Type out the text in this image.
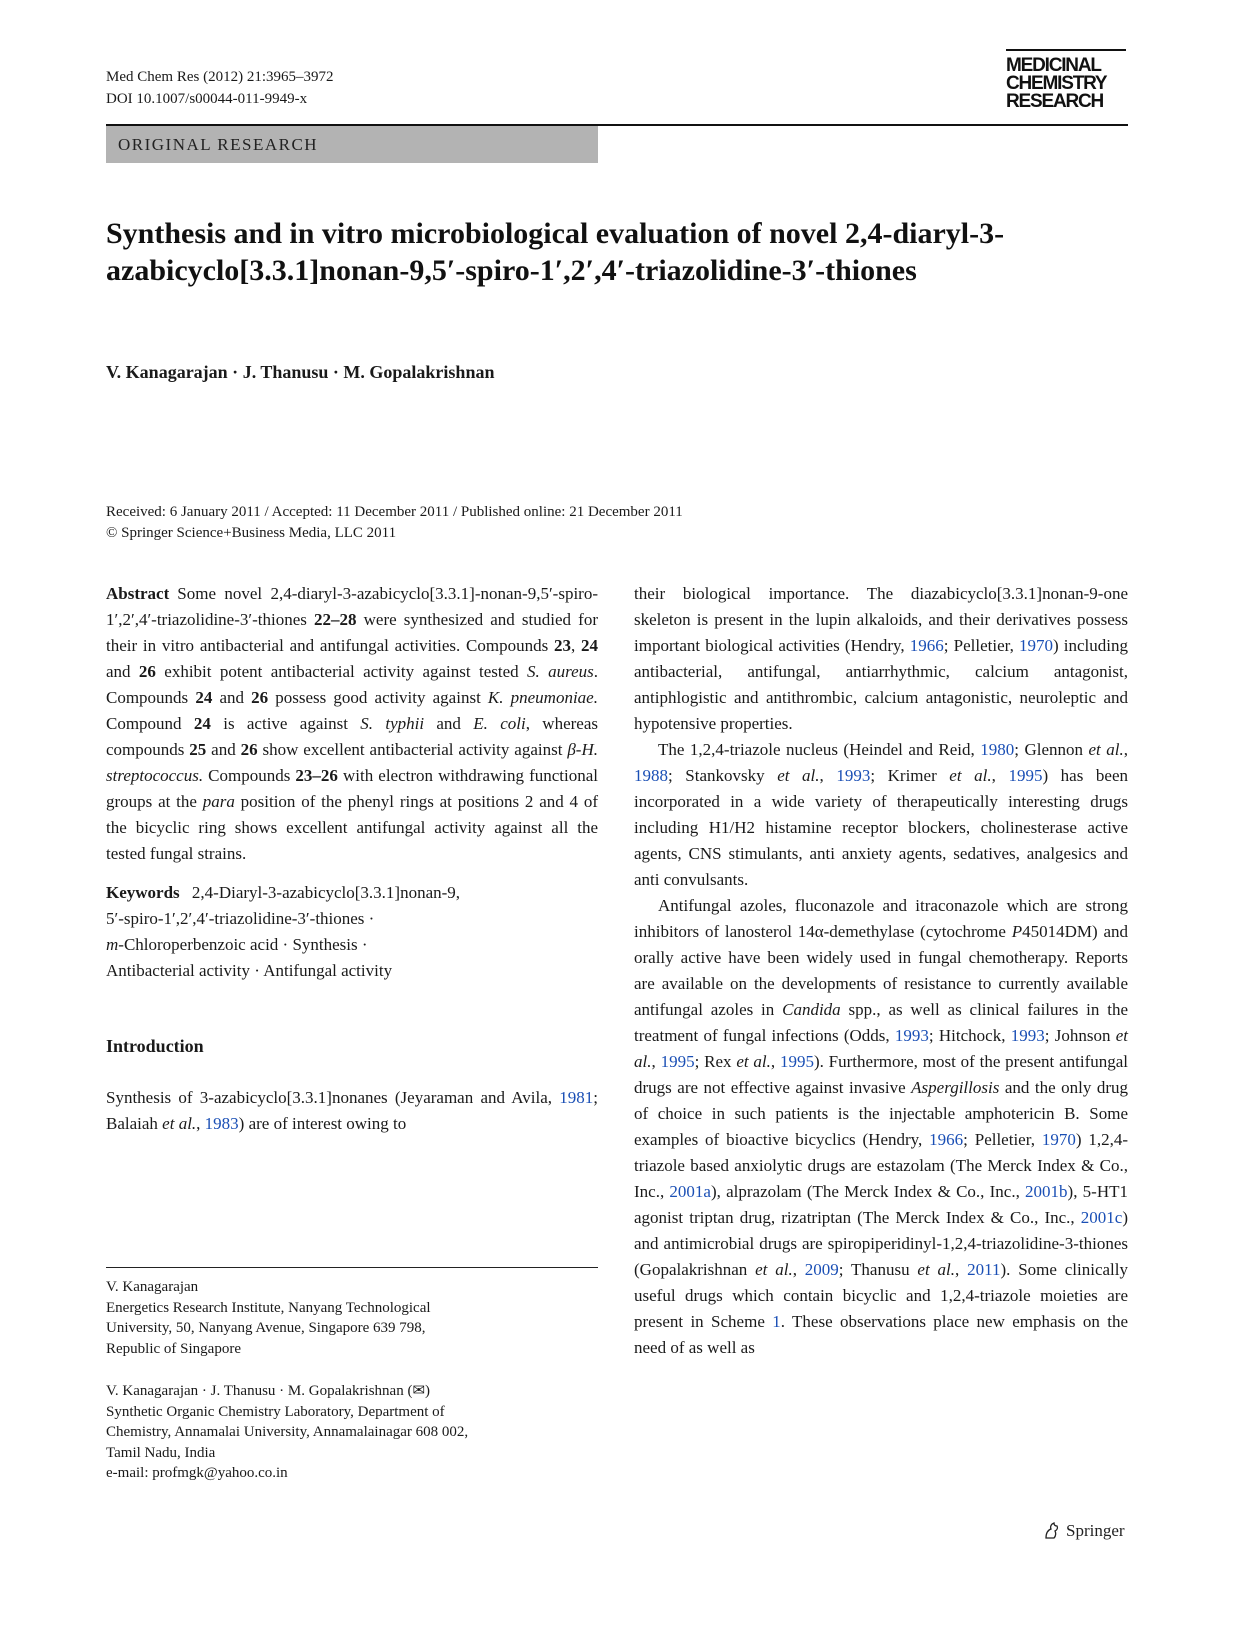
Med Chem Res (2012) 21:3965–3972
DOI 10.1007/s00044-011-9949-x
MEDICINAL
CHEMISTRY
RESEARCH
ORIGINAL RESEARCH
Synthesis and in vitro microbiological evaluation of novel 2,4-diaryl-3-azabicyclo[3.3.1]nonan-9,5′-spiro-1′,2′,4′-triazolidine-3′-thiones
V. Kanagarajan · J. Thanusu · M. Gopalakrishnan
Received: 6 January 2011 / Accepted: 11 December 2011 / Published online: 21 December 2011
© Springer Science+Business Media, LLC 2011

Abstract Some novel 2,4-diaryl-3-azabicyclo[3.3.1]-nonan-9,5′-spiro-1′,2′,4′-triazolidine-3′-thiones 22–28 were synthesized and studied for their in vitro antibacterial and antifungal activities. Compounds 23, 24 and 26 exhibit potent antibacterial activity against tested S. aureus. Compounds 24 and 26 possess good activity against K. pneumoniae. Compound 24 is active against S. typhii and E. coli, whereas compounds 25 and 26 show excellent antibacterial activity against β-H. streptococcus. Compounds 23–26 with electron withdrawing functional groups at the para position of the phenyl rings at positions 2 and 4 of the bicyclic ring shows excellent antifungal activity against all the tested fungal strains.

Keywords 2,4-Diaryl-3-azabicyclo[3.3.1]nonan-9,
5′-spiro-1′,2′,4′-triazolidine-3′-thiones ·
m-Chloroperbenzoic acid · Synthesis ·
Antibacterial activity · Antifungal activity
Introduction

Synthesis of 3-azabicyclo[3.3.1]nonanes (Jeyaraman and Avila, 1981; Balaiah et al., 1983) are of interest owing to

their biological importance. The diazabicyclo[3.3.1]nonan-9-one skeleton is present in the lupin alkaloids, and their derivatives possess important biological activities (Hendry, 1966; Pelletier, 1970) including antibacterial, antifungal, antiarrhythmic, calcium antagonist, antiphlogistic and antithrombic, calcium antagonistic, neuroleptic and hypotensive properties.

The 1,2,4-triazole nucleus (Heindel and Reid, 1980; Glennon et al., 1988; Stankovsky et al., 1993; Krimer et al., 1995) has been incorporated in a wide variety of therapeutically interesting drugs including H1/H2 histamine receptor blockers, cholinesterase active agents, CNS stimulants, anti anxiety agents, sedatives, analgesics and anti convulsants.

Antifungal azoles, fluconazole and itraconazole which are strong inhibitors of lanosterol 14α-demethylase (cytochrome P45014DM) and orally active have been widely used in fungal chemotherapy. Reports are available on the developments of resistance to currently available antifungal azoles in Candida spp., as well as clinical failures in the treatment of fungal infections (Odds, 1993; Hitchock, 1993; Johnson et al., 1995; Rex et al., 1995). Furthermore, most of the present antifungal drugs are not effective against invasive Aspergillosis and the only drug of choice in such patients is the injectable amphotericin B. Some examples of bioactive bicyclics (Hendry, 1966; Pelletier, 1970) 1,2,4-triazole based anxiolytic drugs are estazolam (The Merck Index & Co., Inc., 2001a), alprazolam (The Merck Index & Co., Inc., 2001b), 5-HT1 agonist triptan drug, rizatriptan (The Merck Index & Co., Inc., 2001c) and antimicrobial drugs are spiropiperidinyl-1,2,4-triazolidine-3-thiones (Gopalakrishnan et al., 2009; Thanusu et al., 2011). Some clinically useful drugs which contain bicyclic and 1,2,4-triazole moieties are present in Scheme 1. These observations place new emphasis on the need of as well as

V. Kanagarajan
Energetics Research Institute, Nanyang Technological
University, 50, Nanyang Avenue, Singapore 639 798,
Republic of Singapore
V. Kanagarajan · J. Thanusu · M. Gopalakrishnan (✉)
Synthetic Organic Chemistry Laboratory, Department of
Chemistry, Annamalai University, Annamalainagar 608 002,
Tamil Nadu, India
e-mail: profmgk@yahoo.co.in
Springer
